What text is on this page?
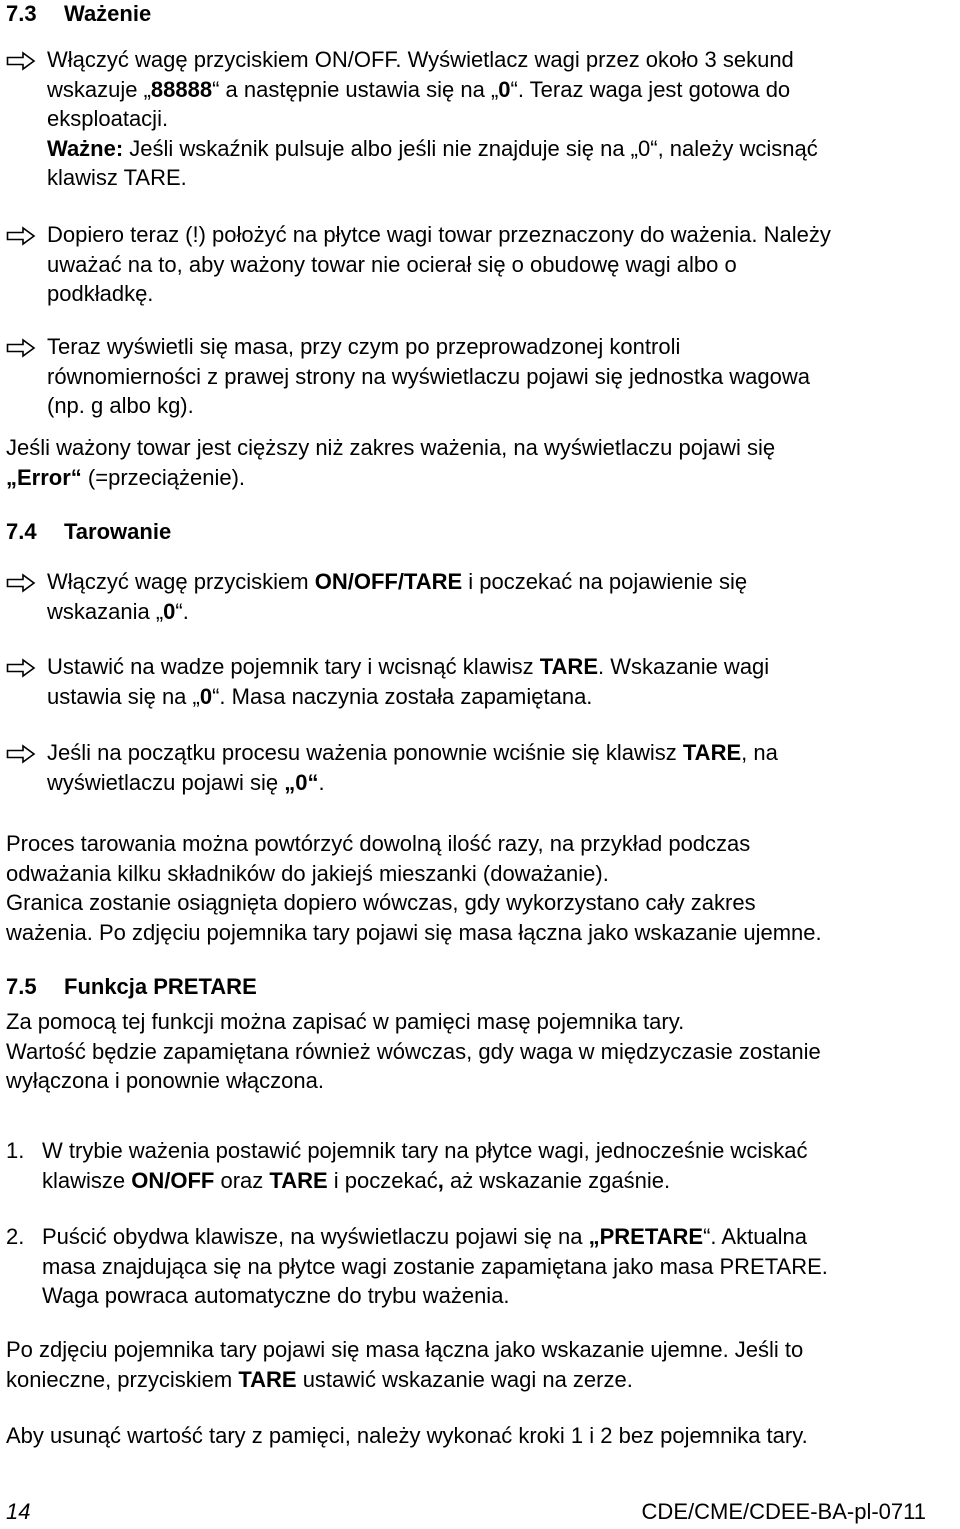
7.3 Ważenie
Włączyć wagę przyciskiem ON/OFF. Wyświetlacz wagi przez około 3 sekund
wskazuje „88888“ a następnie ustawia się na „0“. Teraz waga jest gotowa do
eksploatacji.
Ważne: Jeśli wskaźnik pulsuje albo jeśli nie znajduje się na „0“, należy wcisnąć
klawisz TARE.
Dopiero teraz (!) położyć na płytce wagi towar przeznaczony do ważenia. Należy
uważać na to, aby ważony towar nie ocierał się o obudowę wagi albo o
podkładkę.
Teraz wyświetli się masa, przy czym po przeprowadzonej kontroli
równomierności z prawej strony na wyświetlaczu pojawi się jednostka wagowa
(np. g albo kg).
Jeśli ważony towar jest cięższy niż zakres ważenia, na wyświetlaczu pojawi się
„Error“ (=przeciążenie).
7.4 Tarowanie
Włączyć wagę przyciskiem ON/OFF/TARE i poczekać na pojawienie się
wskazania „0“.
Ustawić na wadze pojemnik tary i wcisnąć klawisz TARE. Wskazanie wagi
ustawia się na „0“. Masa naczynia została zapamiętana.
Jeśli na początku procesu ważenia ponownie wciśnie się klawisz TARE, na
wyświetlaczu pojawi się „0“.
Proces tarowania można powtórzyć dowolną ilość razy, na przykład podczas
odważania kilku składników do jakiejś mieszanki (doważanie).
Granica zostanie osiągnięta dopiero wówczas, gdy wykorzystano cały zakres
ważenia. Po zdjęciu pojemnika tary pojawi się masa łączna jako wskazanie ujemne.
7.5 Funkcja PRETARE
Za pomocą tej funkcji można zapisać w pamięci masę pojemnika tary.
Wartość będzie zapamiętana również wówczas, gdy waga w międzyczasie zostanie
wyłączona i ponownie włączona.
1. W trybie ważenia postawić pojemnik tary na płytce wagi, jednocześnie wciskać
klawisze ON/OFF oraz TARE i poczekać, aż wskazanie zgaśnie.
2. Puścić obydwa klawisze, na wyświetlaczu pojawi się na „PRETARE“. Aktualna
masa znajdująca się na płytce wagi zostanie zapamiętana jako masa PRETARE.
Waga powraca automatyczne do trybu ważenia.
Po zdjęciu pojemnika tary pojawi się masa łączna jako wskazanie ujemne. Jeśli to
konieczne, przyciskiem TARE ustawić wskazanie wagi na zerze.
Aby usunąć wartość tary z pamięci, należy wykonać kroki 1 i 2 bez pojemnika tary.
14	CDE/CME/CDEE-BA-pl-0711
